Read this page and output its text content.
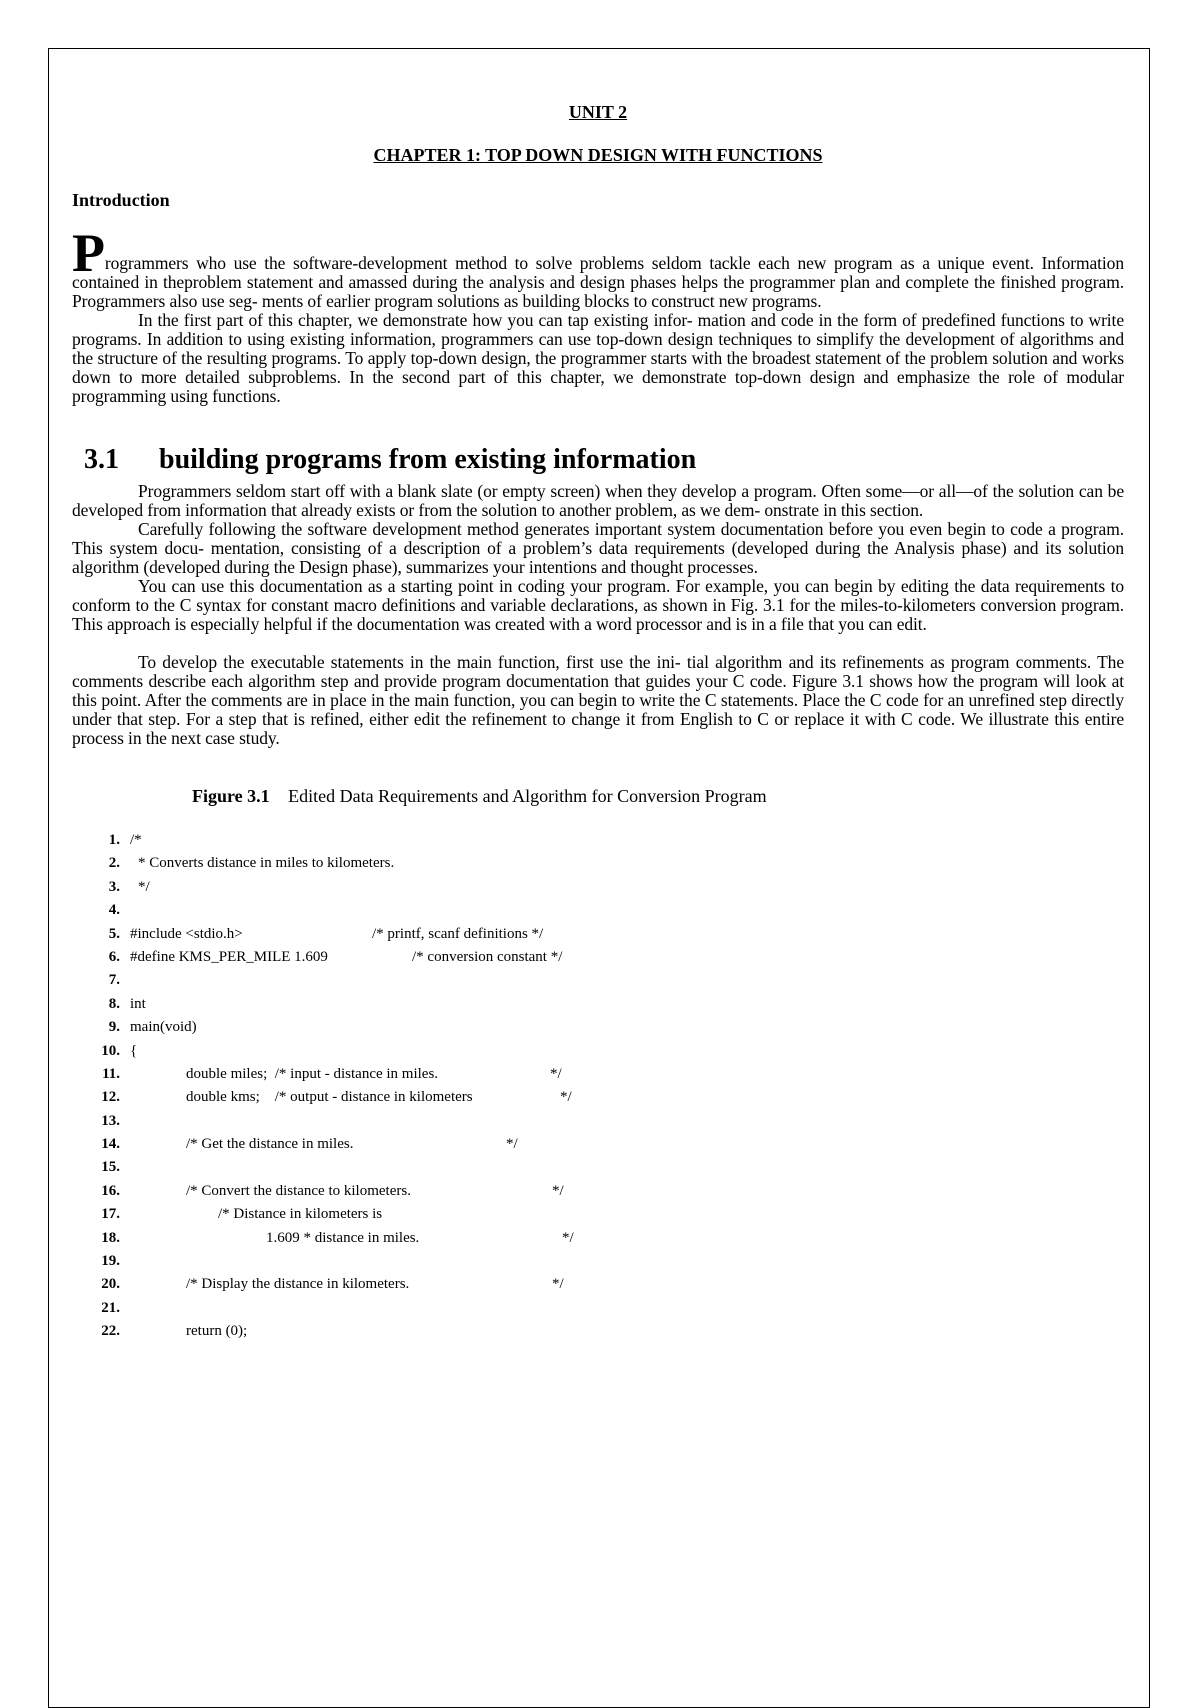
UNIT 2
CHAPTER 1: TOP DOWN DESIGN WITH FUNCTIONS
Introduction

Programmers who use the software-development method to solve problems seldom tackle each new program as a unique event. Information contained in theproblem statement and amassed during the analysis and design phases helps the programmer plan and complete the finished program. Programmers also use seg- ments of earlier program solutions as building blocks to construct new programs.

In the first part of this chapter, we demonstrate how you can tap existing infor- mation and code in the form of predefined functions to write programs. In addition to using existing information, programmers can use top-down design techniques to simplify the development of algorithms and the structure of the resulting programs. To apply top-down design, the programmer starts with the broadest statement of the problem solution and works down to more detailed subproblems. In the second part of this chapter, we demonstrate top-down design and emphasize the role of modular programming using functions.

3.1 building programs from existing information

Programmers seldom start off with a blank slate (or empty screen) when they develop a program. Often some—or all—of the solution can be developed from information that already exists or from the solution to another problem, as we dem- onstrate in this section.

Carefully following the software development method generates important system documentation before you even begin to code a program. This system docu- mentation, consisting of a description of a problem’s data requirements (developed during the Analysis phase) and its solution algorithm (developed during the Design phase), summarizes your intentions and thought processes.

You can use this documentation as a starting point in coding your program. For example, you can begin by editing the data requirements to conform to the C syntax for constant macro definitions and variable declarations, as shown in Fig. 3.1 for the miles-to-kilometers conversion program. This approach is especially helpful if the documentation was created with a word processor and is in a file that you can edit.

To develop the executable statements in the main function, first use the ini- tial algorithm and its refinements as program comments. The comments describe each algorithm step and provide program documentation that guides your C code. Figure 3.1 shows how the program will look at this point. After the comments are in place in the main function, you can begin to write the C statements. Place the C code for an unrefined step directly under that step. For a step that is refined, either edit the refinement to change it from English to C or replace it with C code. We illustrate this entire process in the next case study.

Figure 3.1 Edited Data Requirements and Algorithm for Conversion Program
1. /*
2. * Converts distance in miles to kilometers.
3. */
4.
5. #include <stdio.h>	/* printf, scanf definitions */
6. #define KMS_PER_MILE 1.609	/* conversion constant */
7.
8. int
9. main(void)
10. {
11.	double miles;  /* input - distance in miles.	*/
12.	double kms;    /* output - distance in kilometers	*/
13.
14.	/* Get the distance in miles.	*/
15.
16.	/* Convert the distance to kilometers.	*/
17.	/* Distance in kilometers is
18.	1.609 * distance in miles.	*/
19.
20.	/* Display the distance in kilometers.	*/
21.
22.	return (0);
